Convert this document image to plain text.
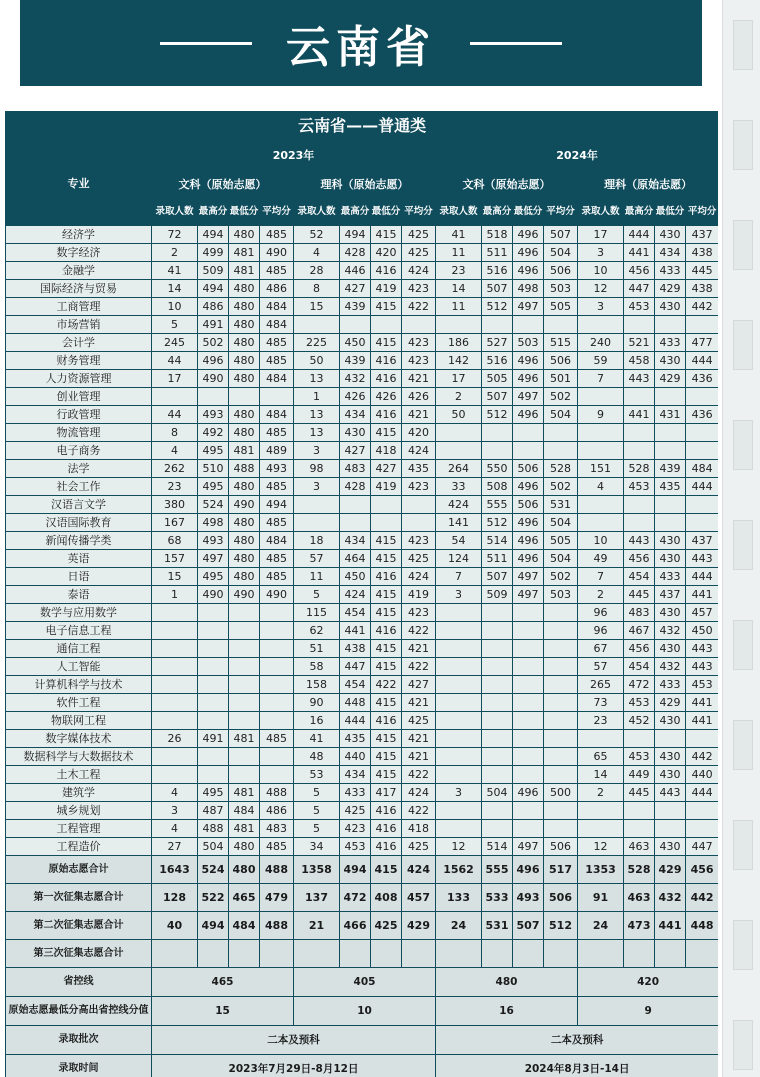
云南省
云南省——普通类																
专业	2023年								2024年							
	文科（原始志愿）				理科（原始志愿）				文科（原始志愿）				理科（原始志愿）			
	录取人数	最高分	最低分	平均分	录取人数	最高分	最低分	平均分	录取人数	最高分	最低分	平均分	录取人数	最高分	最低分	平均分
经济学	72	494	480	485	52	494	415	425	41	518	496	507	17	444	430	437
数字经济	2	499	481	490	4	428	420	425	11	511	496	504	3	441	434	438
金融学	41	509	481	485	28	446	416	424	23	516	496	506	10	456	433	445
国际经济与贸易	14	494	480	486	8	427	419	423	14	507	498	503	12	447	429	438
工商管理	10	486	480	484	15	439	415	422	11	512	497	505	3	453	430	442
市场营销	5	491	480	484												
会计学	245	502	480	485	225	450	415	423	186	527	503	515	240	521	433	477
财务管理	44	496	480	485	50	439	416	423	142	516	496	506	59	458	430	444
人力资源管理	17	490	480	484	13	432	416	421	17	505	496	501	7	443	429	436
创业管理					1	426	426	426	2	507	497	502				
行政管理	44	493	480	484	13	434	416	421	50	512	496	504	9	441	431	436
物流管理	8	492	480	485	13	430	415	420								
电子商务	4	495	481	489	3	427	418	424								
法学	262	510	488	493	98	483	427	435	264	550	506	528	151	528	439	484
社会工作	23	495	480	485	3	428	419	423	33	508	496	502	4	453	435	444
汉语言文学	380	524	490	494					424	555	506	531				
汉语国际教育	167	498	480	485					141	512	496	504				
新闻传播学类	68	493	480	484	18	434	415	423	54	514	496	505	10	443	430	437
英语	157	497	480	485	57	464	415	425	124	511	496	504	49	456	430	443
日语	15	495	480	485	11	450	416	424	7	507	497	502	7	454	433	444
泰语	1	490	490	490	5	424	415	419	3	509	497	503	2	445	437	441
数学与应用数学					115	454	415	423					96	483	430	457
电子信息工程					62	441	416	422					96	467	432	450
通信工程					51	438	415	421					67	456	430	443
人工智能					58	447	415	422					57	454	432	443
计算机科学与技术					158	454	422	427					265	472	433	453
软件工程					90	448	415	421					73	453	429	441
物联网工程					16	444	416	425					23	452	430	441
数字媒体技术	26	491	481	485	41	435	415	421								
数据科学与大数据技术					48	440	415	421					65	453	430	442
土木工程					53	434	415	422					14	449	430	440
建筑学	4	495	481	488	5	433	417	424	3	504	496	500	2	445	443	444
城乡规划	3	487	484	486	5	425	416	422								
工程管理	4	488	481	483	5	423	416	418								
工程造价	27	504	480	485	34	453	416	425	12	514	497	506	12	463	430	447
原始志愿合计	1643	524	480	488	1358	494	415	424	1562	555	496	517	1353	528	429	456
第一次征集志愿合计	128	522	465	479	137	472	408	457	133	533	493	506	91	463	432	442
第二次征集志愿合计	40	494	484	488	21	466	425	429	24	531	507	512	24	473	441	448
第三次征集志愿合计																
省控线	465				405				480				420			
原始志愿最低分高出省控线分值	15				10				16				9			
录取批次	二本及预科								二本及预科							
录取时间	2023年7月29日-8月12日								2024年8月3日-14日							
